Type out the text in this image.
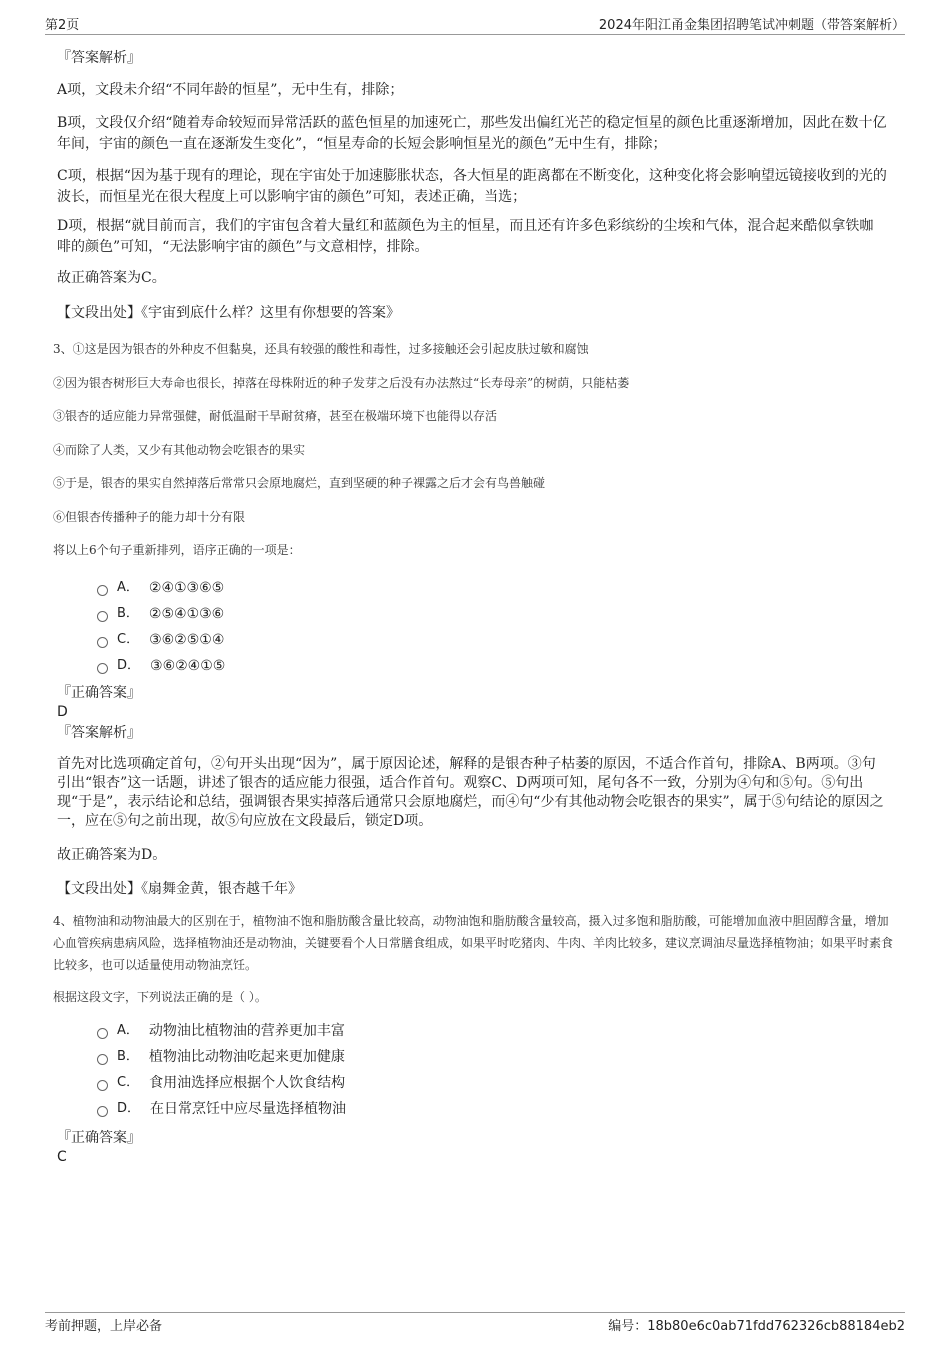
第2页	2024年阳江甬金集团招聘笔试冲刺题（带答案解析）
『答案解析』
A项，文段未介绍“不同年龄的恒星”，无中生有，排除；
B项，文段仅介绍“随着寿命较短而异常活跃的蓝色恒星的加速死亡，那些发出偏红光芒的稳定恒星的颜色比重逐渐增加，因此在数十亿年间，宇宙的颜色一直在逐渐发生变化”，“恒星寿命的长短会影响恒星光的颜色”无中生有，排除；
C项，根据“因为基于现有的理论，现在宇宙处于加速膨胀状态，各大恒星的距离都在不断变化，这种变化将会影响望远镜接收到的光的波长，而恒星光在很大程度上可以影响宇宙的颜色”可知，表述正确，当选；
D项，根据“就目前而言，我们的宇宙包含着大量红和蓝颜色为主的恒星，而且还有许多色彩缤纷的尘埃和气体，混合起来酷似拿铁咖啡的颜色”可知，“无法影响宇宙的颜色”与文意相悖，排除。
故正确答案为C。
【文段出处】《宇宙到底什么样？这里有你想要的答案》
3、①这是因为银杏的外种皮不但黏臭，还具有较强的酸性和毒性，过多接触还会引起皮肤过敏和腐蚀
②因为银杏树形巨大寿命也很长，掉落在母株附近的种子发芽之后没有办法熬过“长寿母亲”的树荫，只能枯萎
③银杏的适应能力异常强健，耐低温耐干旱耐贫瘠，甚至在极端环境下也能得以存活
④而除了人类，又少有其他动物会吃银杏的果实
⑤于是，银杏的果实自然掉落后常常只会原地腐烂，直到坚硬的种子裸露之后才会有鸟兽触碰
⑥但银杏传播种子的能力却十分有限
将以上6个句子重新排列，语序正确的一项是：
A． ②④①③⑥⑤
B． ②⑤④①③⑥
C． ③⑥②⑤①④
D． ③⑥②④①⑤
『正确答案』
D
『答案解析』
首先对比选项确定首句，②句开头出现“因为”，属于原因论述，解释的是银杏种子枯萎的原因，不适合作首句，排除A、B两项。③句引出“银杏”这一话题，讲述了银杏的适应能力很强，适合作首句。观察C、D两项可知，尾句各不一致，分别为④句和⑤句。⑤句出现“于是”，表示结论和总结，强调银杏果实掉落后通常只会原地腐烂，而④句“少有其他动物会吃银杏的果实”，属于⑤句结论的原因之一，应在⑤句之前出现，故⑤句应放在文段最后，锁定D项。
故正确答案为D。
【文段出处】《扇舞金黄，银杏越千年》
4、植物油和动物油最大的区别在于，植物油不饱和脂肪酸含量比较高，动物油饱和脂肪酸含量较高，摄入过多饱和脂肪酸，可能增加血液中胆固醇含量，增加心血管疾病患病风险，选择植物油还是动物油，关键要看个人日常膳食组成，如果平时吃猪肉、牛肉、羊肉比较多，建议烹调油尽量选择植物油；如果平时素食比较多，也可以适量使用动物油烹饪。
根据这段文字，下列说法正确的是（ ）。
A． 动物油比植物油的营养更加丰富
B． 植物油比动物油吃起来更加健康
C． 食用油选择应根据个人饮食结构
D． 在日常烹饪中应尽量选择植物油
『正确答案』
C
考前押题，上岸必备	编号：18b80e6c0ab71fdd762326cb88184eb2
